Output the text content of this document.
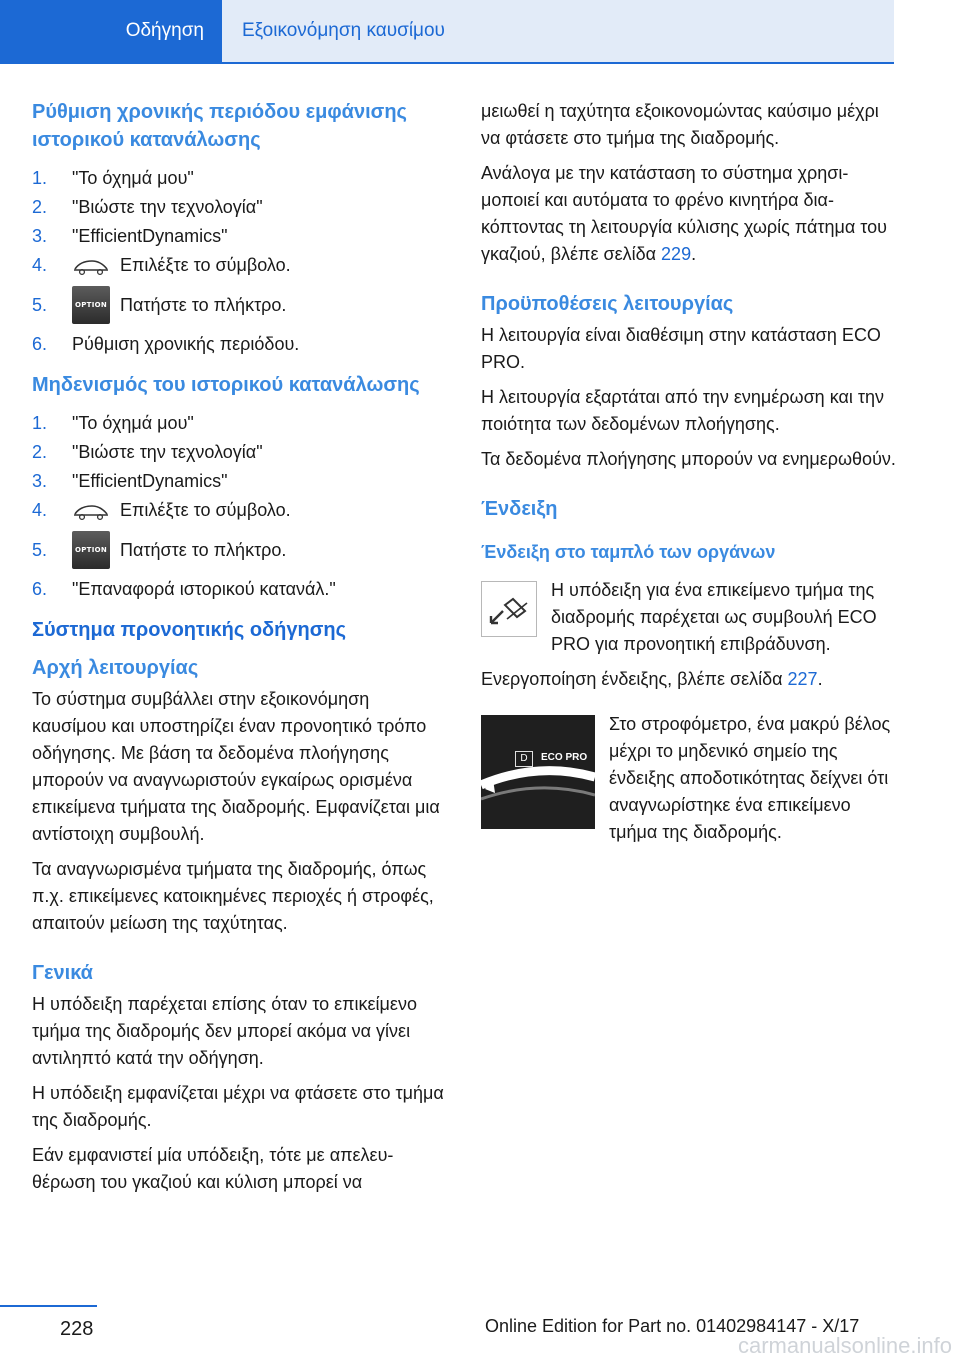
Οδήγηση	Εξοικονόμηση καυσίμου
Ρύθμιση χρονικής περιόδου εμφάνισης ιστορικού κατανάλωσης
1.	"Το όχημά μου"
2.	"Βιώστε την τεχνολογία"
3.	"EfficientDynamics"
4.	Επιλέξτε το σύμβολο.
5.	OPTION Πατήστε το πλήκτρο.
6.	Ρύθμιση χρονικής περιόδου.
Μηδενισμός του ιστορικού κατανάλωσης
1.	"Το όχημά μου"
2.	"Βιώστε την τεχνολογία"
3.	"EfficientDynamics"
4.	Επιλέξτε το σύμβολο.
5.	OPTION Πατήστε το πλήκτρο.
6.	"Επαναφορά ιστορικού κατανάλ."
Σύστημα προνοητικής οδήγησης
Αρχή λειτουργίας

Το σύστημα συμβάλλει στην εξοικονόμηση καυσίμου και υποστηρίζει έναν προνοητικό τρόπο οδήγησης. Με βάση τα δεδομένα πλοήγησης μπορούν να αναγνωριστούν εγκαίρως ορισμένα επικείμενα τμήματα της διαδρομής. Εμφανίζεται μια αντίστοιχη συμβουλή.

Τα αναγνωρισμένα τμήματα της διαδρομής, όπως π.χ. επικείμενες κατοικημένες περιοχές ή στροφές, απαιτούν μείωση της ταχύτητας.

Γενικά

Η υπόδειξη παρέχεται επίσης όταν το επικείμενο τμήμα της διαδρομής δεν μπορεί ακόμα να γίνει αντιληπτό κατά την οδήγηση.

Η υπόδειξη εμφανίζεται μέχρι να φτάσετε στο τμήμα της διαδρομής.

Εάν εμφανιστεί μία υπόδειξη, τότε με απελευθέρωση του γκαζιού και κύλιση μπορεί να

μειωθεί η ταχύτητα εξοικονομώντας καύσιμο μέχρι να φτάσετε στο τμήμα της διαδρομής.

Ανάλογα με την κατάσταση το σύστημα χρησιμοποιεί και αυτόματα το φρένο κινητήρα διακόπτοντας τη λειτουργία κύλισης χωρίς πάτημα του γκαζιού, βλέπε σελίδα 229.

Προϋποθέσεις λειτουργίας

Η λειτουργία είναι διαθέσιμη στην κατάσταση ECO PRO.

Η λειτουργία εξαρτάται από την ενημέρωση και την ποιότητα των δεδομένων πλοήγησης.

Τα δεδομένα πλοήγησης μπορούν να ενημερωθούν.

Ένδειξη
Ένδειξη στο ταμπλό των οργάνων

Η υπόδειξη για ένα επικείμενο τμήμα της διαδρομής παρέχεται ως συμβουλή ECO PRO για προνοητική επιβράδυνση.

Ενεργοποίηση ένδειξης, βλέπε σελίδα 227.

D	ECO PRO

Στο στροφόμετρο, ένα μακρύ βέλος μέχρι το μηδενικό σημείο της ένδειξης αποδοτικότητας δείχνει ότι αναγνωρίστηκε ένα επικείμενο τμήμα της διαδρομής.

228	Online Edition for Part no. 01402984147 - X/17
carmanualsonline.info
